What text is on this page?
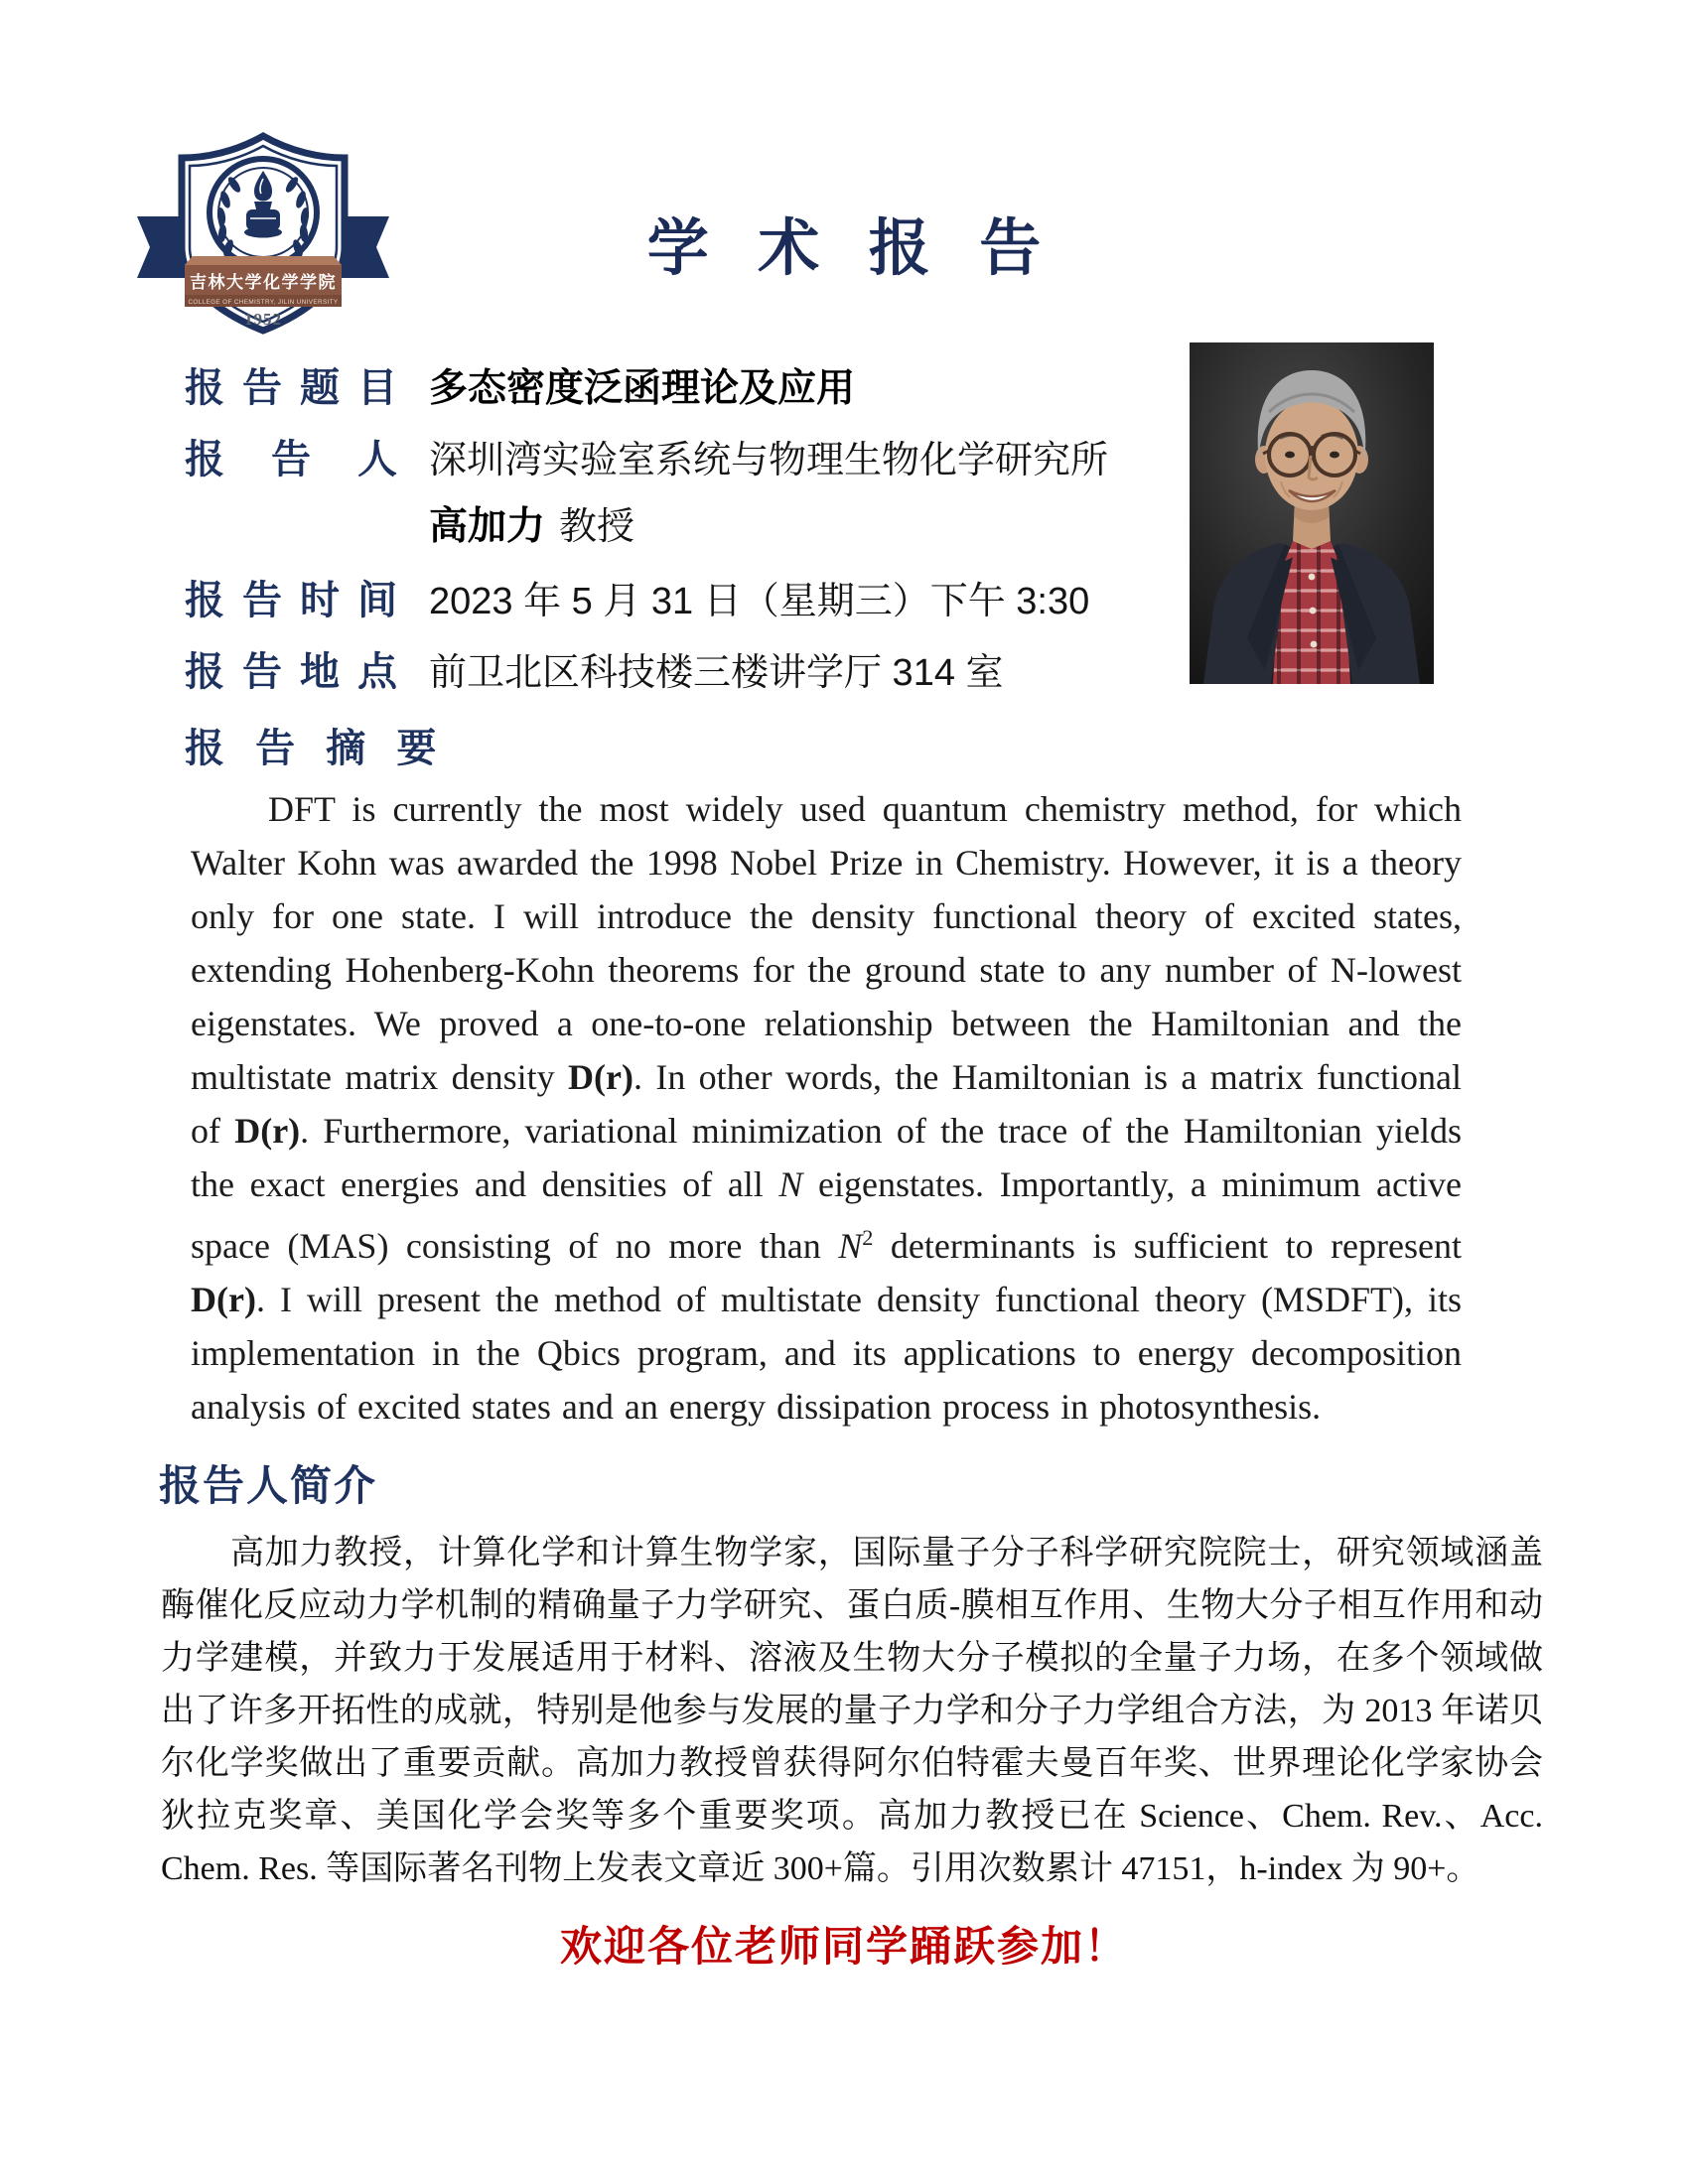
吉林大学化学学院
COLLEGE OF CHEMISTRY, JILIN UNIVERSITY
1952
学 术 报 告
报 告 题 目 多态密度泛函理论及应用
报 告 人 深圳湾实验室系统与物理生物化学研究所
高加力 教授
报 告 时 间 2023 年 5 月 31 日（星期三）下午 3:30
报 告 地 点 前卫北区科技楼三楼讲学厅 314 室
报 告 摘 要
DFT is currently the most widely used quantum chemistry method, for which Walter Kohn was awarded the 1998 Nobel Prize in Chemistry. However, it is a theory only for one state. I will introduce the density functional theory of excited states, extending Hohenberg-Kohn theorems for the ground state to any number of N-lowest eigenstates. We proved a one-to-one relationship between the Hamiltonian and the multistate matrix density D(r). In other words, the Hamiltonian is a matrix functional of D(r). Furthermore, variational minimization of the trace of the Hamiltonian yields the exact energies and densities of all N eigenstates. Importantly, a minimum active space (MAS) consisting of no more than $N^2$ determinants is sufficient to represent D(r). I will present the method of multistate density functional theory (MSDFT), its implementation in the Qbics program, and its applications to energy decomposition analysis of excited states and an energy dissipation process in photosynthesis.
报告人简介
高加力教授，计算化学和计算生物学家，国际量子分子科学研究院院士，研究领域涵盖酶催化反应动力学机制的精确量子力学研究、蛋白质-膜相互作用、生物大分子相互作用和动力学建模，并致力于发展适用于材料、溶液及生物大分子模拟的全量子力场，在多个领域做出了许多开拓性的成就，特别是他参与发展的量子力学和分子力学组合方法，为 2013 年诺贝尔化学奖做出了重要贡献。高加力教授曾获得阿尔伯特霍夫曼百年奖、世界理论化学家协会狄拉克奖章、美国化学会奖等多个重要奖项。高加力教授已在 Science、Chem. Rev.、Acc. Chem. Res. 等国际著名刊物上发表文章近 300+篇。引用次数累计 47151，h-index 为 90+。
欢迎各位老师同学踊跃参加！
